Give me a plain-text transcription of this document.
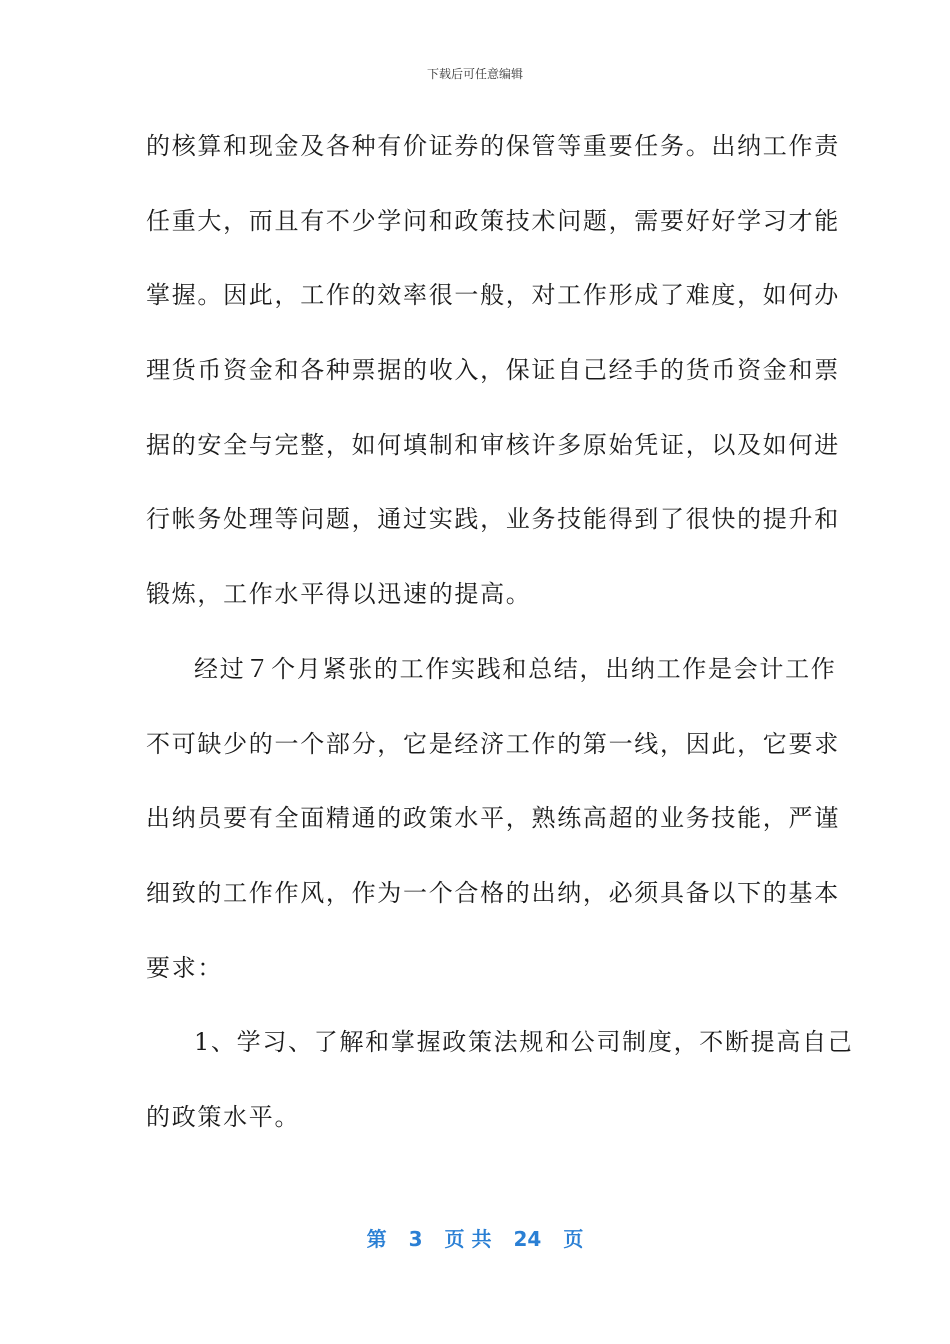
下载后可任意编辑
的核算和现金及各种有价证券的保管等重要任务。出纳工作责
任重大，而且有不少学问和政策技术问题，需要好好学习才能
掌握。因此，工作的效率很一般，对工作形成了难度，如何办
理货币资金和各种票据的收入，保证自己经手的货币资金和票
据的安全与完整，如何填制和审核许多原始凭证，以及如何进
行帐务处理等问题，通过实践，业务技能得到了很快的提升和
锻炼，工作水平得以迅速的提高。
经过７个月紧张的工作实践和总结，出纳工作是会计工作
不可缺少的一个部分，它是经济工作的第一线，因此，它要求
出纳员要有全面精通的政策水平，熟练高超的业务技能，严谨
细致的工作作风，作为一个合格的出纳，必须具备以下的基本
要求：
1、学习、了解和掌握政策法规和公司制度，不断提高自己
的政策水平。
第 3 页 共 24 页
